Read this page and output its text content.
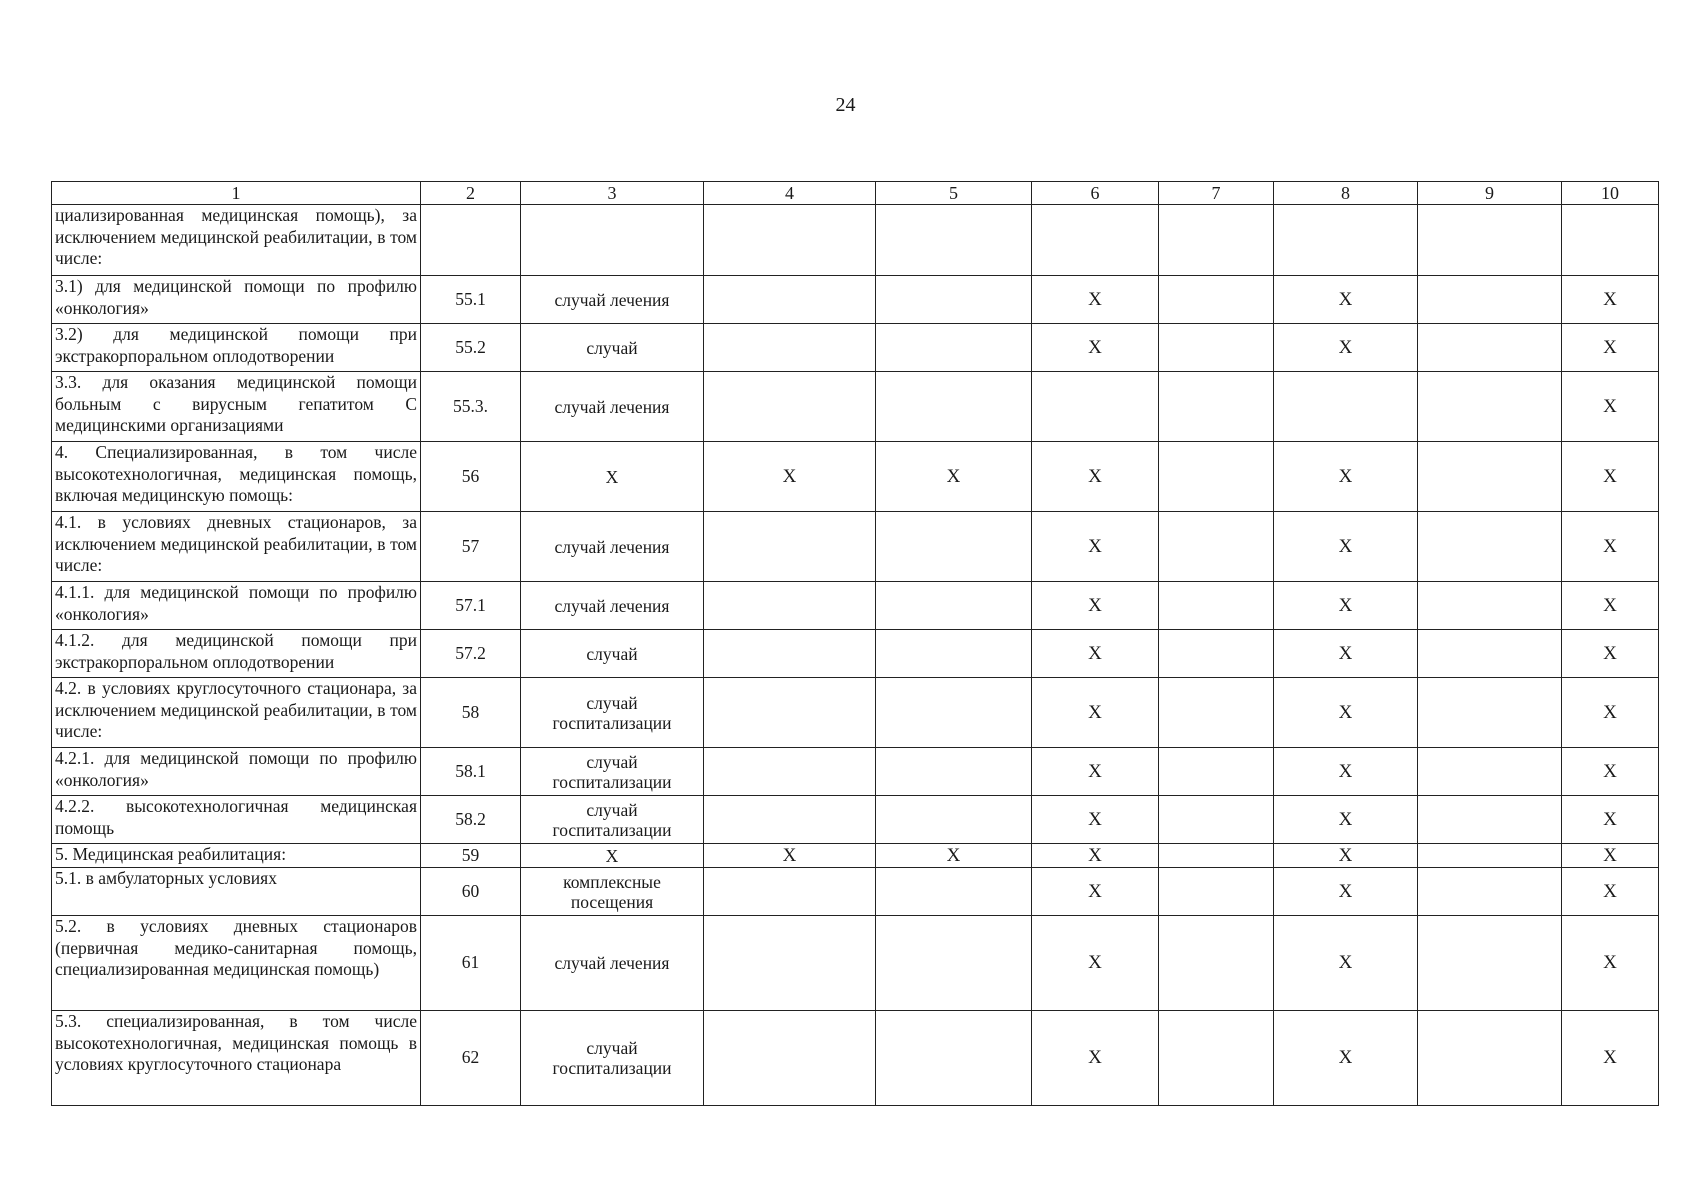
24
1	2	3	4	5	6	7	8	9	10
циализированная медицинская помощь), за исключением медицинской реабилитации, в том числе:									
3.1) для медицинской помощи по профилю «онкология»	55.1	случай лечения			X		X		X
3.2) для медицинской помощи при экстракорпоральном оплодотворении	55.2	случай			X		X		X
3.3. для оказания медицинской помощи больным с вирусным гепатитом С медицинскими организациями	55.3.	случай лечения							X
4. Специализированная, в том числе высокотехнологичная, медицинская помощь, включая медицинскую помощь:	56	X	X	X	X		X		X
4.1. в условиях дневных стационаров, за исключением медицинской реабилитации, в том числе:	57	случай лечения			X		X		X
4.1.1. для медицинской помощи по профилю «онкология»	57.1	случай лечения			X		X		X
4.1.2. для медицинской помощи при экстракорпоральном оплодотворении	57.2	случай			X		X		X
4.2. в условиях круглосуточного стационара, за исключением медицинской реабилитации, в том числе:	58	случай госпитализации			X		X		X
4.2.1. для медицинской помощи по профилю «онкология»	58.1	случай госпитализации			X		X		X
4.2.2. высокотехнологичная медицинская помощь	58.2	случай госпитализации			X		X		X
5. Медицинская реабилитация:	59	X	X	X	X		X		X
5.1. в амбулаторных условиях	60	комплексные посещения			X		X		X
5.2. в условиях дневных стационаров (первичная медико-санитарная помощь, специализированная медицинская помощь)	61	случай лечения			X		X		X
5.3. специализированная, в том числе высокотехнологичная, медицинская помощь в условиях круглосуточного стационара	62	случай госпитализации			X		X		X
